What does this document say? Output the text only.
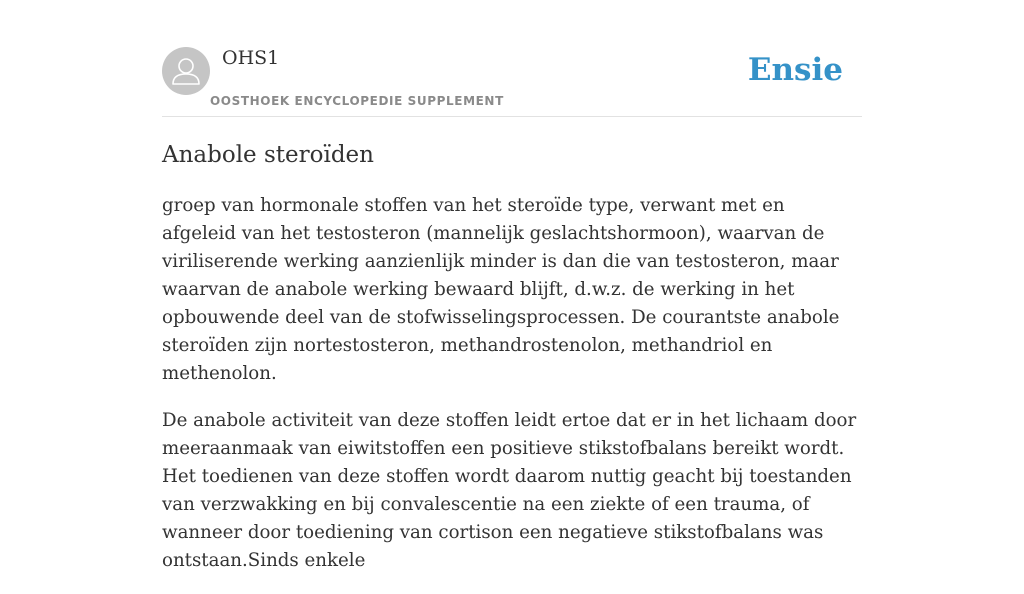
OHS1
OOSTHOEK ENCYCLOPEDIE SUPPLEMENT
Ensie
Anabole steroïden

groep van hormonale stoffen van het steroïde type, verwant met en afgeleid van het testosteron (mannelijk geslachtshormoon), waarvan de viriliserende werking aanzienlijk minder is dan die van testosteron, maar waarvan de anabole werking bewaard blijft, d.w.z. de werking in het opbouwende deel van de stofwisselingsprocessen. De courantste anabole steroïden zijn nortestosteron, methandrostenolon, methandriol en methenolon.

De anabole activiteit van deze stoffen leidt ertoe dat er in het lichaam door meeraanmaak van eiwitstoffen een positieve stikstofbalans bereikt wordt. Het toedienen van deze stoffen wordt daarom nuttig geacht bij toestanden van verzwakking en bij convalescentie na een ziekte of een trauma, of wanneer door toediening van cortison een negatieve stikstofbalans was ontstaan.Sinds enkele
